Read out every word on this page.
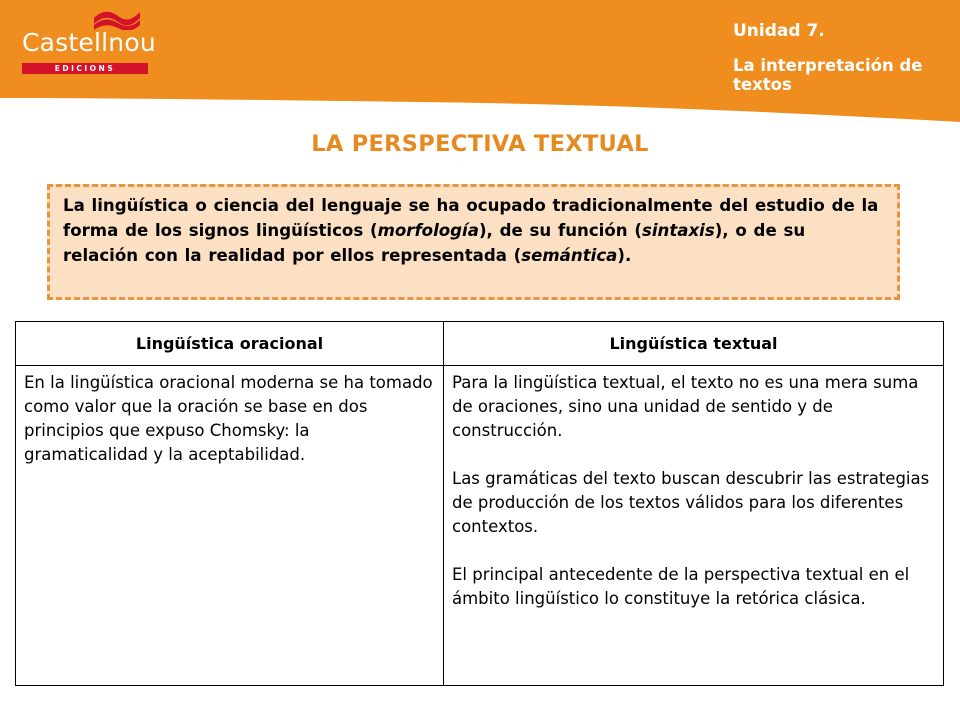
Castellnou
EDICIONS
Unidad 7.
La interpretación de textos
LA PERSPECTIVA TEXTUAL
La lingüística o ciencia del lenguaje se ha ocupado tradicionalmente del estudio de la forma de los signos lingüísticos (morfología), de su función (sintaxis), o de su relación con la realidad por ellos representada (semántica).
Lingüística oracional	Lingüística textual

En la lingüística oracional moderna se ha tomado como valor que la oración se base en dos principios que expuso Chomsky: la gramaticalidad y la aceptabilidad.	Para la lingüística textual, el texto no es una mera suma de oraciones, sino una unidad de sentido y de construcción.

Las gramáticas del texto buscan descubrir las estrategias de producción de los textos válidos para los diferentes contextos.

El principal antecedente de la perspectiva textual en el ámbito lingüístico lo constituye la retórica clásica.
